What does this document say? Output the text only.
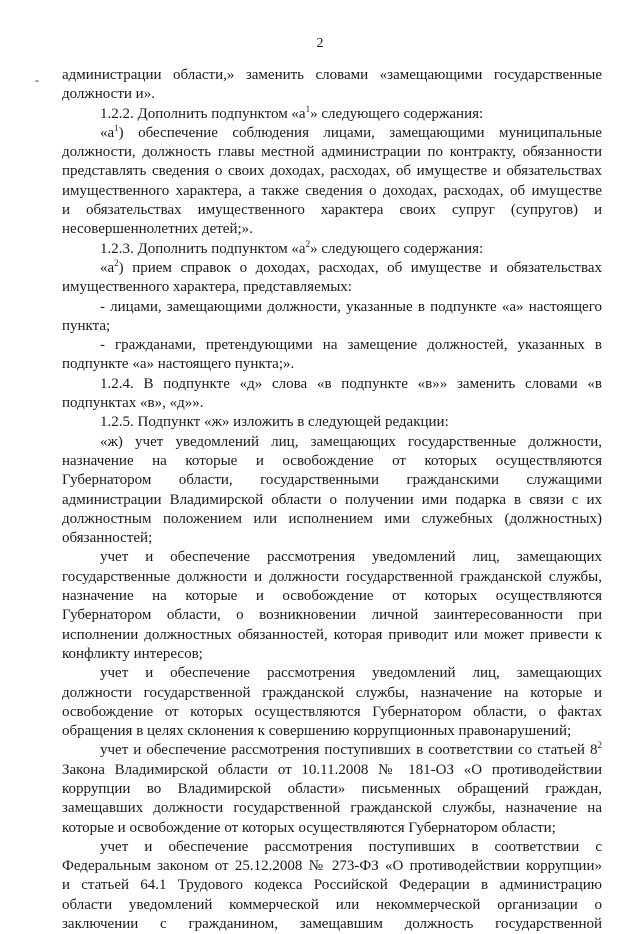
2
- администрации области,» заменить словами «замещающими государственные
должности и».
1.2.2. Дополнить подпунктом «$а^1$» следующего содержания:
«$а^1$) обеспечение соблюдения лицами, замещающими муниципальные
должности, должность главы местной администрации по контракту, обязанности
представлять сведения о своих доходах, расходах, об имуществе и обязательствах
имущественного характера, а также сведения о доходах, расходах, об имуществе
и обязательствах имущественного характера своих супруг (супругов) и
несовершеннолетних детей;».
1.2.3. Дополнить подпунктом «$а^2$» следующего содержания:
«$а^2$) прием справок о доходах, расходах, об имуществе и обязательствах
имущественного характера, представляемых:
- лицами, замещающими должности, указанные в подпункте «а» настоящего
пункта;
- гражданами, претендующими на замещение должностей, указанных в
подпункте «а» настоящего пункта;».
1.2.4. В подпункте «д» слова «в подпункте «в»» заменить словами «в
подпунктах «в», «д»».
1.2.5. Подпункт «ж» изложить в следующей редакции:
«ж) учет уведомлений лиц, замещающих государственные должности,
назначение на которые и освобождение от которых осуществляются
Губернатором области, государственными гражданскими служащими
администрации Владимирской области о получении ими подарка в связи с их
должностным положением или исполнением ими служебных (должностных)
обязанностей;
учет и обеспечение рассмотрения уведомлений лиц, замещающих
государственные должности и должности государственной гражданской службы,
назначение на которые и освобождение от которых осуществляются
Губернатором области, о возникновении личной заинтересованности при
исполнении должностных обязанностей, которая приводит или может привести к
конфликту интересов;
учет и обеспечение рассмотрения уведомлений лиц, замещающих
должности государственной гражданской службы, назначение на которые и
освобождение от которых осуществляются Губернатором области, о фактах
обращения в целях склонения к совершению коррупционных правонарушений;
учет и обеспечение рассмотрения поступивших в соответствии со статьей $8^2$
Закона Владимирской области от 10.11.2008 № 181-ОЗ «О противодействии
коррупции во Владимирской области» письменных обращений граждан,
замещавших должности государственной гражданской службы, назначение на
которые и освобождение от которых осуществляются Губернатором области;
учет и обеспечение рассмотрения поступивших в соответствии с
Федеральным законом от 25.12.2008 № 273-ФЗ «О противодействии коррупции»
и статьей 64.1 Трудового кодекса Российской Федерации в администрацию
области уведомлений коммерческой или некоммерческой организации о
заключении с гражданином, замещавшим должность государственной
